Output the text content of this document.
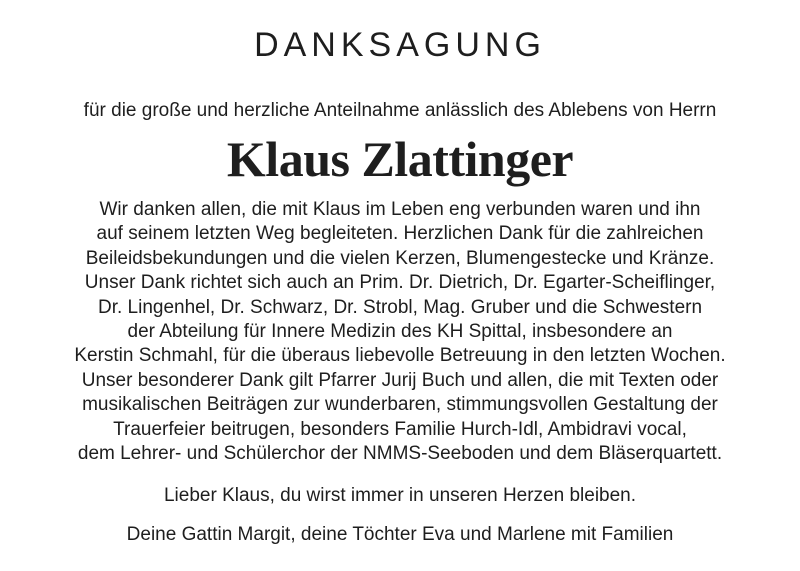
DANKSAGUNG

für die große und herzliche Anteilnahme anlässlich des Ablebens von Herrn

Klaus Zlattinger
Wir danken allen, die mit Klaus im Leben eng verbunden waren und ihn
auf seinem letzten Weg begleiteten. Herzlichen Dank für die zahlreichen
Beileidsbekundungen und die vielen Kerzen, Blumengestecke und Kränze.
Unser Dank richtet sich auch an Prim. Dr. Dietrich, Dr. Egarter-Scheiflinger,
Dr. Lingenhel, Dr. Schwarz, Dr. Strobl, Mag. Gruber und die Schwestern
der Abteilung für Innere Medizin des KH Spittal, insbesondere an
Kerstin Schmahl, für die überaus liebevolle Betreuung in den letzten Wochen.
Unser besonderer Dank gilt Pfarrer Jurij Buch und allen, die mit Texten oder
musikalischen Beiträgen zur wunderbaren, stimmungsvollen Gestaltung der
Trauerfeier beitrugen, besonders Familie Hurch-Idl, Ambidravi vocal,
dem Lehrer- und Schülerchor der NMMS-Seeboden und dem Bläserquartett.

Lieber Klaus, du wirst immer in unseren Herzen bleiben.

Deine Gattin Margit, deine Töchter Eva und Marlene mit Familien
